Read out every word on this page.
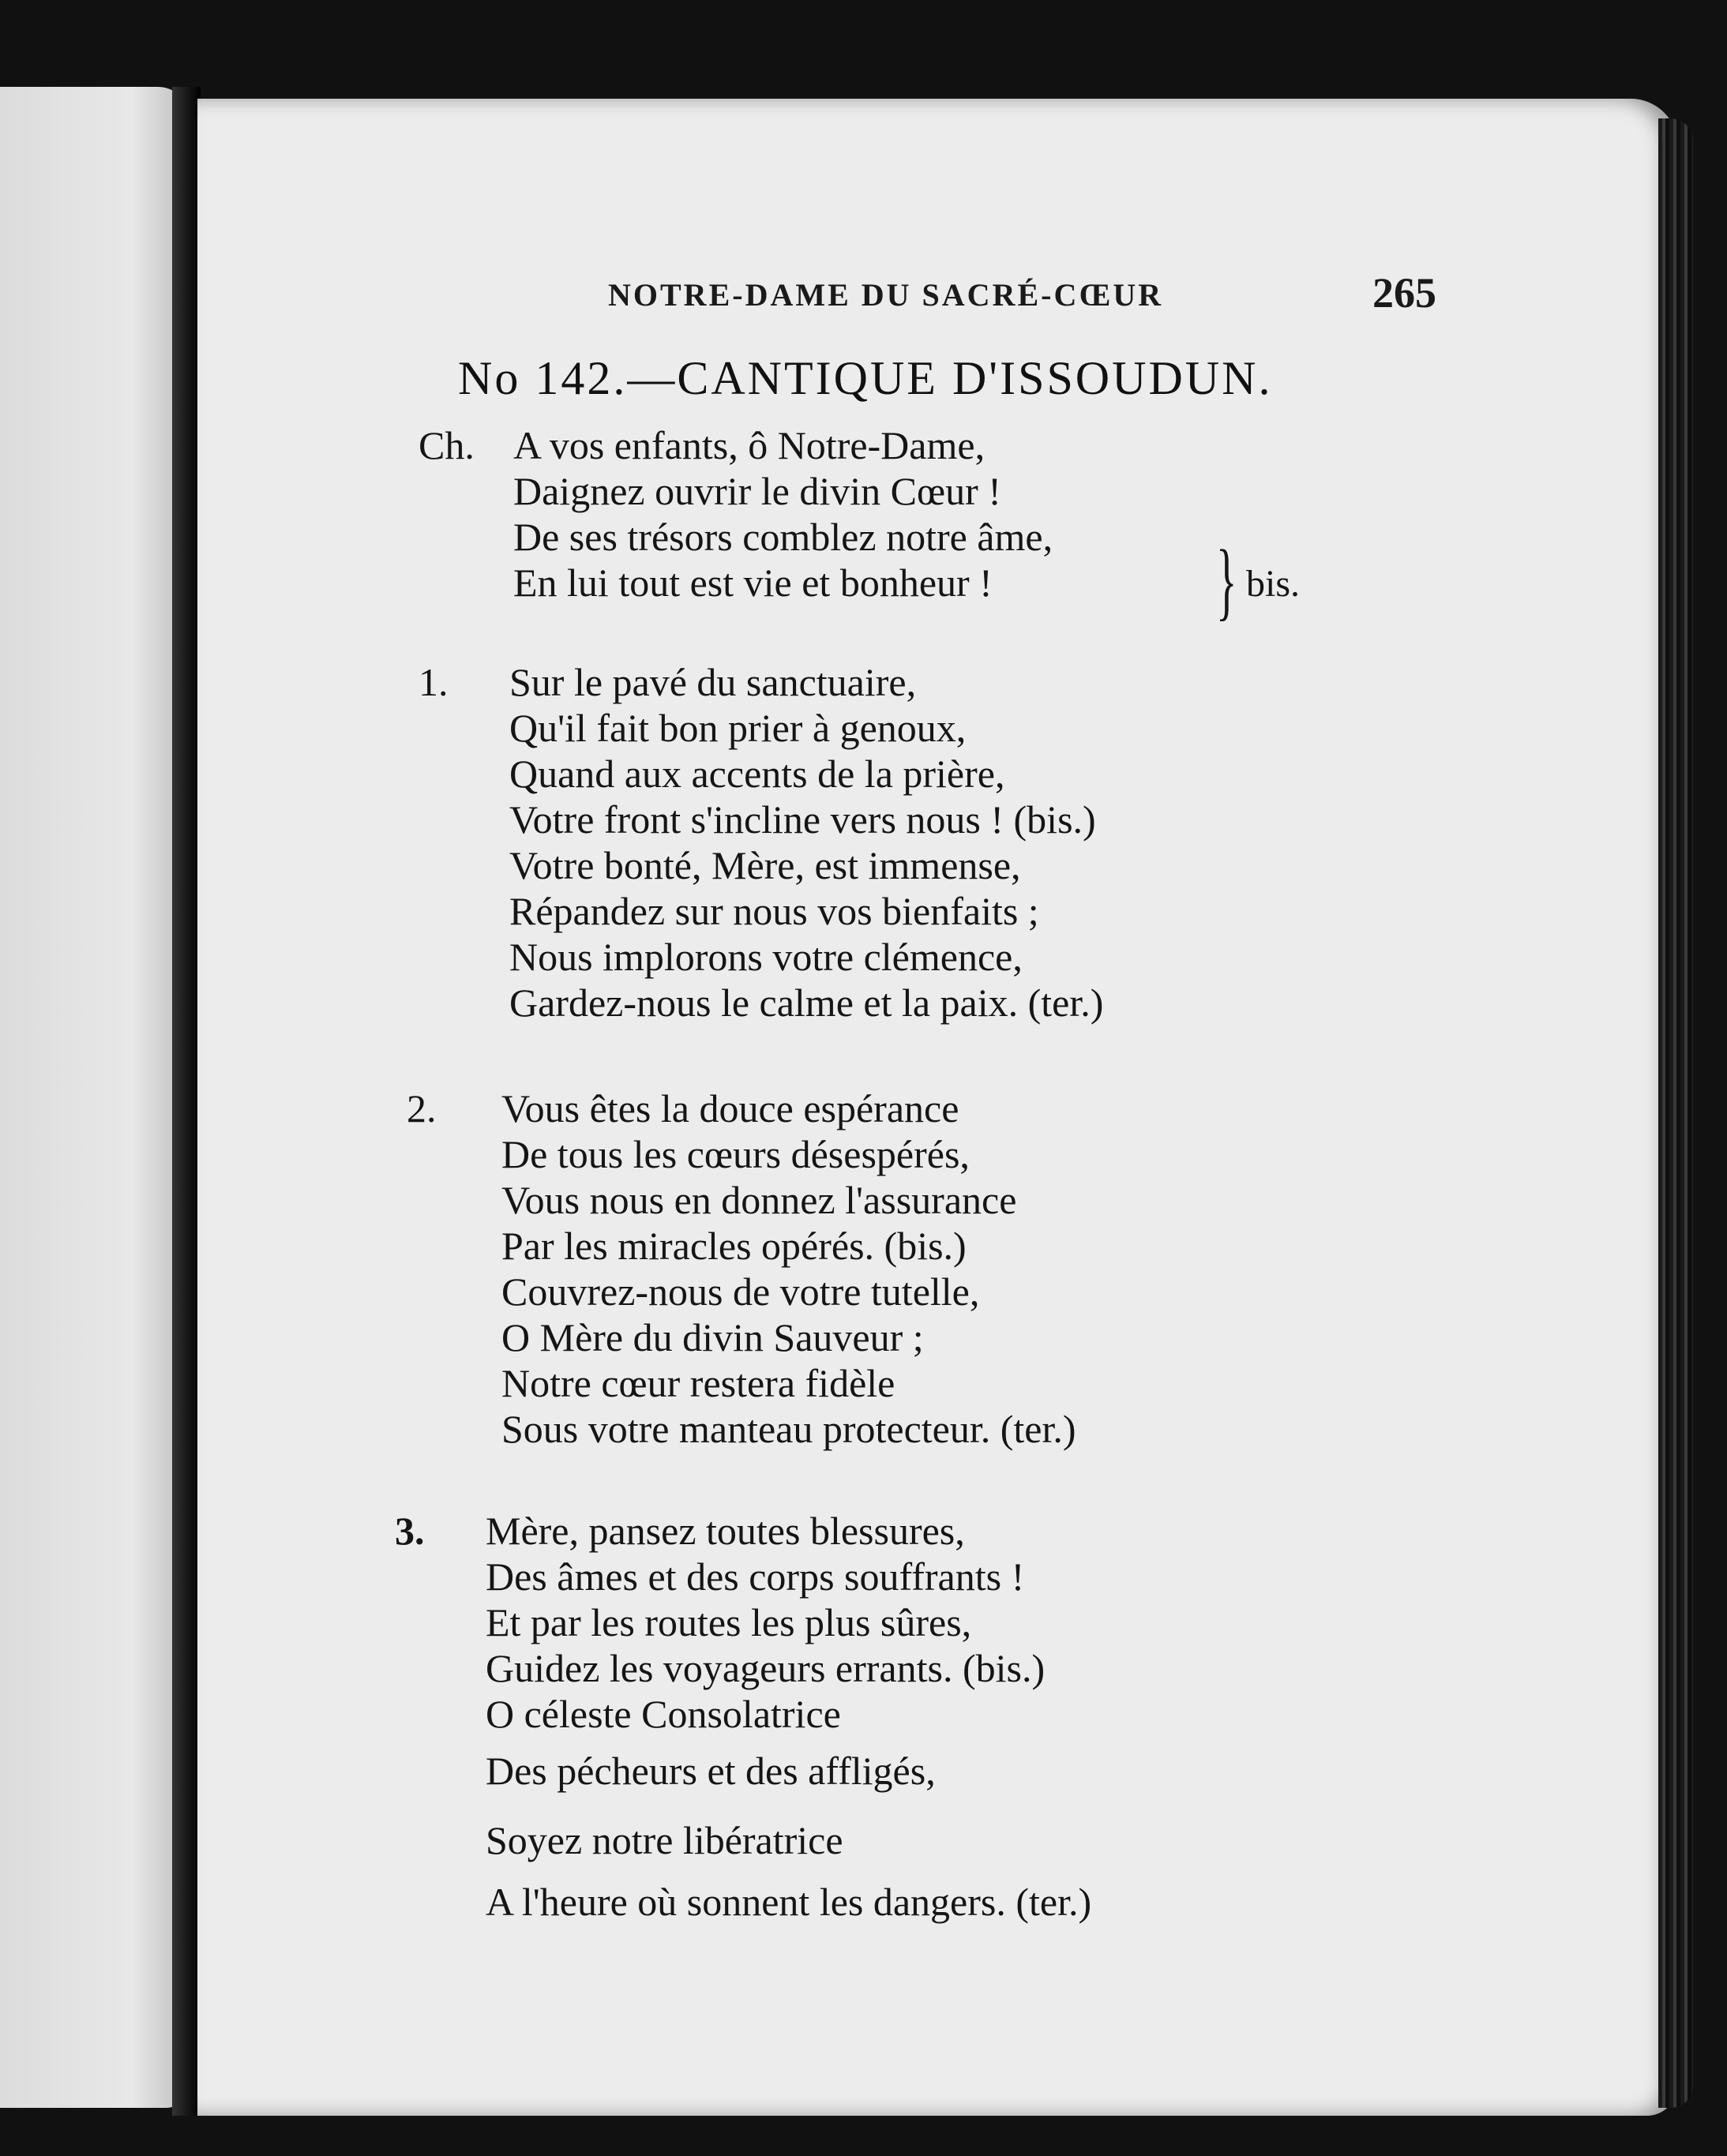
NOTRE-DAME DU SACRÉ-CŒUR	265
No 142.—CANTIQUE D'ISSOUDUN.
Ch. A vos enfants, ô Notre-Dame,
Daignez ouvrir le divin Cœur !
De ses trésors comblez notre âme,
En lui tout est vie et bonheur !	} bis.
1. Sur le pavé du sanctuaire,
Qu'il fait bon prier à genoux,
Quand aux accents de la prière,
Votre front s'incline vers nous ! (bis.)
Votre bonté, Mère, est immense,
Répandez sur nous vos bienfaits ;
Nous implorons votre clémence,
Gardez-nous le calme et la paix. (ter.)
2. Vous êtes la douce espérance
De tous les cœurs désespérés,
Vous nous en donnez l'assurance
Par les miracles opérés. (bis.)
Couvrez-nous de votre tutelle,
O Mère du divin Sauveur ;
Notre cœur restera fidèle
Sous votre manteau protecteur. (ter.)
3. Mère, pansez toutes blessures,
Des âmes et des corps souffrants !
Et par les routes les plus sûres,
Guidez les voyageurs errants. (bis.)
O céleste Consolatrice
Des pécheurs et des affligés,
Soyez notre libératrice
A l'heure où sonnent les dangers. (ter.)
